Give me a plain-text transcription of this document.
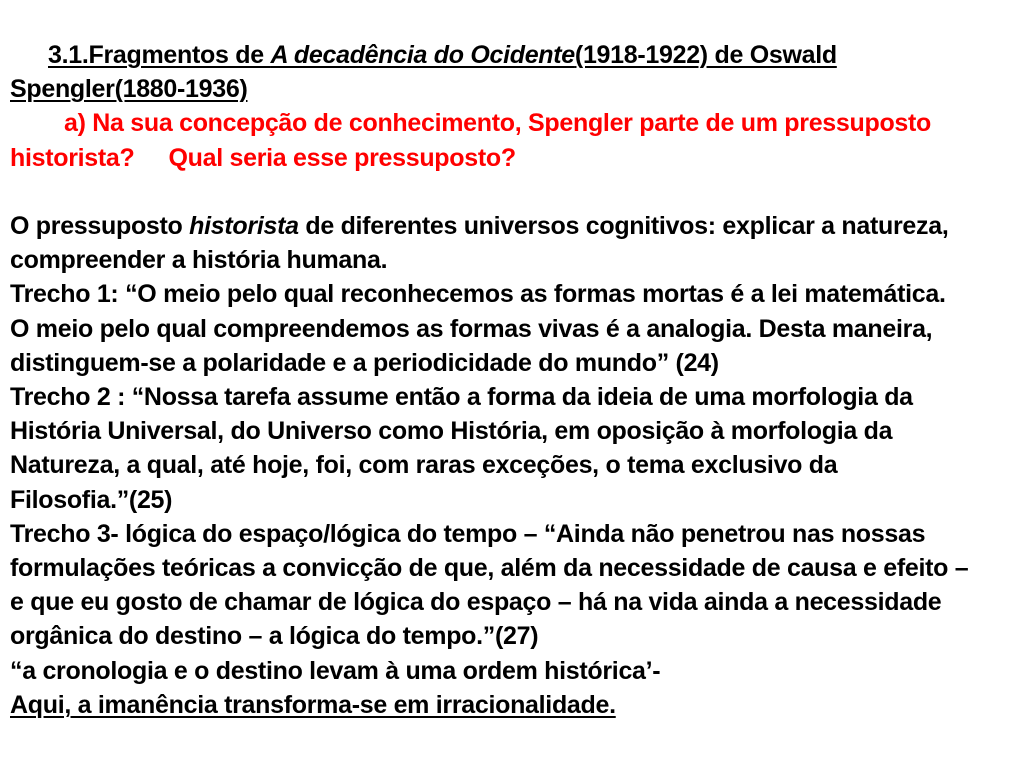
3.1.Fragmentos de A decadência do Ocidente(1918-1922) de Oswald
Spengler(1880-1936)
a) Na sua concepção de conhecimento, Spengler parte de um pressuposto
historista? Qual seria esse pressuposto?
O pressuposto historista de diferentes universos cognitivos: explicar a natureza,
compreender a história humana.
Trecho 1: “O meio pelo qual reconhecemos as formas mortas é a lei matemática.
O meio pelo qual compreendemos as formas vivas é a analogia. Desta maneira,
distinguem-se a polaridade e a periodicidade do mundo” (24)
Trecho 2 : “Nossa tarefa assume então a forma da ideia de uma morfologia da
História Universal, do Universo como História, em oposição à morfologia da
Natureza, a qual, até hoje, foi, com raras exceções, o tema exclusivo da
Filosofia.”(25)
Trecho 3- lógica do espaço/lógica do tempo – “Ainda não penetrou nas nossas
formulações teóricas a convicção de que, além da necessidade de causa e efeito –
e que eu gosto de chamar de lógica do espaço – há na vida ainda a necessidade
orgânica do destino – a lógica do tempo.”(27)
“a cronologia e o destino levam à uma ordem histórica’-
Aqui, a imanência transforma-se em irracionalidade.
